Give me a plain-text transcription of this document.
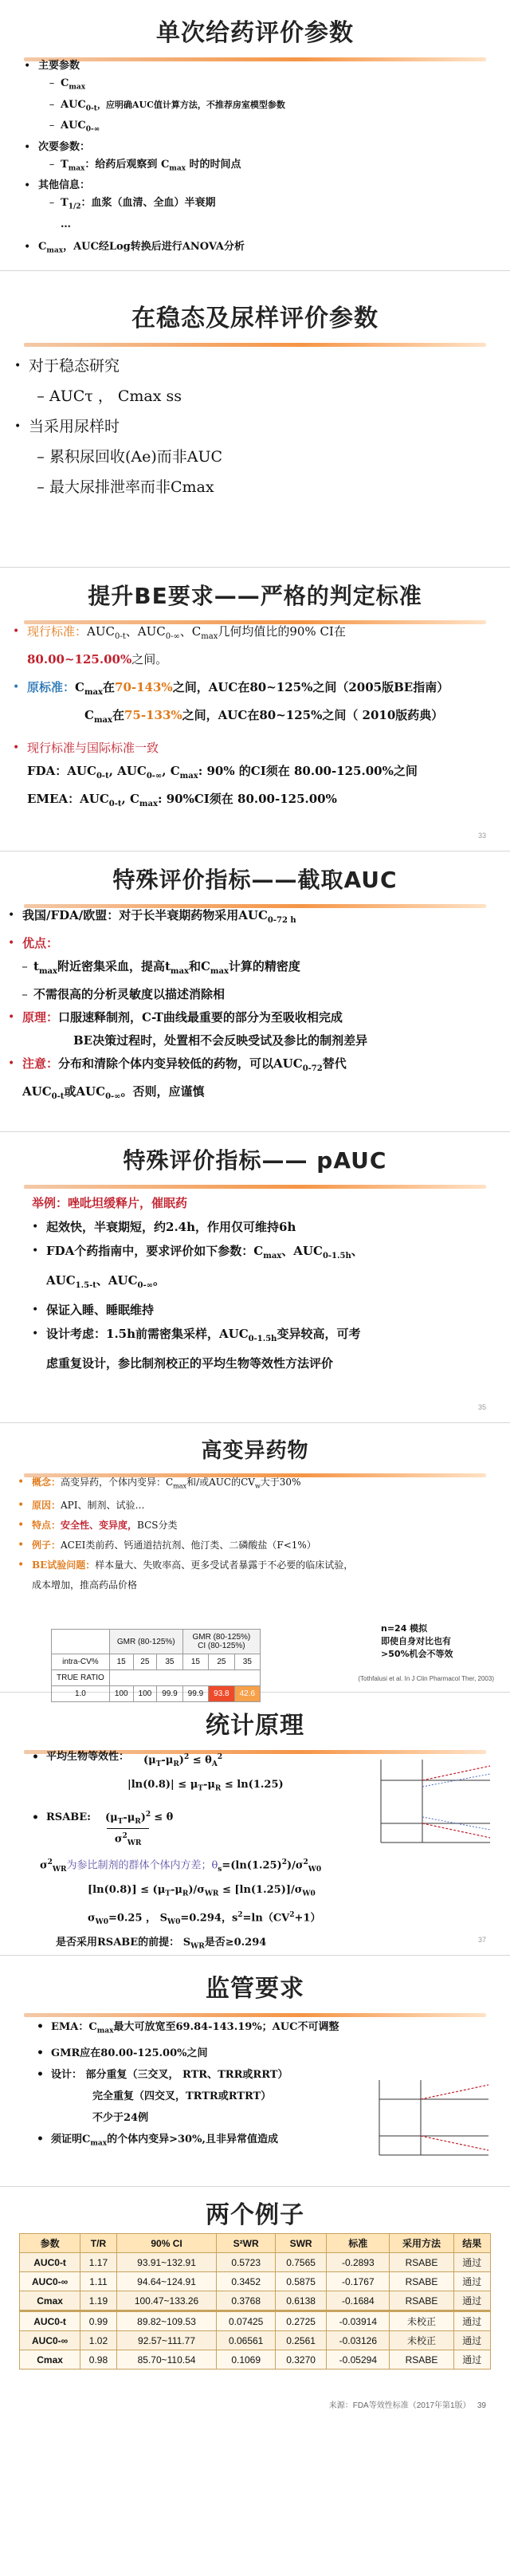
单次给药评价参数
• 主要参数
– $C_{max}$
– $AUC_{0-t}$，应明确AUC值计算方法，不推荐房室模型参数
– $AUC_{0-\infty}$
• 次要参数：
– $T_{max}$：给药后观察到 $C_{max}$ 时的时间点
• 其他信息：
– $T_{1/2}$：血浆（血清、全血）半衰期
…
• $C_{max}$，AUC经Log转换后进行ANOVA分析
在稳态及尿样评价参数
• 对于稳态研究
– AUCτ ， Cmax ss
• 当采用尿样时
– 累积尿回收(Ae)而非AUC
– 最大尿排泄率而非Cmax
提升BE要求——严格的判定标准
• 现行标准：$AUC_{0-t}$、$AUC_{0-\infty}$、$C_{max}$几何均值比的90% CI在
80.00~125.00%之间。
• 原标准：$C_{max}$在70-143%之间，AUC在80~125%之间（2005版BE指南）
$C_{max}$在75-133%之间，AUC在80~125%之间（ 2010版药典）
• 现行标准与国际标准一致
FDA：$AUC_{0-t}$, $AUC_{0-\infty}$, $C_{max}$: 90% 的CI须在 80.00-125.00%之间
EMEA：$AUC_{0-t}$, $C_{max}$: 90%CI须在 80.00-125.00%
33
特殊评价指标——截取AUC
• 我国/FDA/欧盟：对于长半衰期药物采用$AUC_{0-72 h}$
• 优点：
– $t_{max}$附近密集采血，提高$t_{max}$和$C_{max}$计算的精密度
– 不需很高的分析灵敏度以描述消除相
• 原理：口服速释制剂，C-T曲线最重要的部分为至吸收相完成
BE决策过程时，处置相不会反映受试及参比的制剂差异
• 注意：分布和清除个体内变异较低的药物，可以$AUC_{0-72}$替代
$AUC_{0-t}$或$AUC_{0-\infty}$。否则，应谨慎
特殊评价指标—— pAUC
举例：唑吡坦缓释片，催眠药
• 起效快，半衰期短，约2.4h，作用仅可维持6h
• FDA个药指南中，要求评价如下参数：$C_{max}$、$AUC_{0-1.5h}$、
$AUC_{1.5-t}$、$AUC_{0-\infty}$。
• 保证入睡、睡眠维持
• 设计考虑：1.5h前需密集采样，$AUC_{0-1.5h}$变异较高，可考
虑重复设计，参比制剂校正的平均生物等效性方法评价
35
高变异药物
• 概念：高变异药，个体内变异：$C_{max}$和/或AUC的$CV_w$大于30%
• 原因：API、制剂、试验…
• 特点：安全性、变异度，BCS分类
• 例子：ACEI类前药、钙通道拮抗剂、他汀类、二磷酸盐（F<1%）
• BE试验问题：样本量大、失败率高、更多受试者暴露于不必要的临床试验，
成本增加，推高药品价格
	GMR (80-125%)			GMR (80-125%)
CI (80-125%)		
intra-CV%	15	25	35	15	25	35
TRUE RATIO						
1.0	100	100	99.9	99.9	93.8	42.6
n=24 模拟
即使自身对比也有
>50%机会不等效
(Tothfalusi et al. In J Clin Pharmacol Ther, 2003)
统计原理
• 平均生物等效性： $(\mu_T-\mu_R)^2 \le \theta_A^2$
$|\ln(0.8)| \le \mu_T-\mu_R \le \ln(1.25)$
• RSABE: $\frac{(\mu_T-\mu_R)^2}{\sigma^2_{WR}} \le \theta$
$\sigma^2_{WR}$为参比制剂的群体个体内方差；$\theta_s=(\ln(1.25)^2)/\sigma^2_{W0}$
$[\ln(0.8)] \le (\mu_T-\mu_R)/\sigma_{WR} \le [\ln(1.25)]/\sigma_{W0}$
$\sigma_{W0}=0.25$ ， $S_{W0}=0.294$，$s^2=\ln(CV^2+1)$
是否采用RSABE的前提： $S_{WR}$是否≥0.294	37
监管要求
• EMA：$C_{max}$最大可放宽至69.84-143.19%；AUC不可调整
• GMR应在80.00-125.00%之间
• 设计： 部分重复（三交叉， RTR、TRR或RRT）
完全重复（四交叉，TRTR或RTRT）
不少于24例
• 须证明$C_{max}$的个体内变异>30%,且非异常值造成
两个例子
参数	T/R	90% CI	S²WR	SWR	标准	采用方法	结果
AUC0-t	1.17	93.91~132.91	0.5723	0.7565	-0.2893	RSABE	通过
AUC0-∞	1.11	94.64~124.91	0.3452	0.5875	-0.1767	RSABE	通过
Cmax	1.19	100.47~133.26	0.3768	0.6138	-0.1684	RSABE	通过
AUC0-t	0.99	89.82~109.53	0.07425	0.2725	-0.03914	未校正	通过
AUC0-∞	1.02	92.57~111.77	0.06561	0.2561	-0.03126	未校正	通过
Cmax	0.98	85.70~110.54	0.1069	0.3270	-0.05294	RSABE	通过
来源：FDA等效性标准（2017年第1版） 39
